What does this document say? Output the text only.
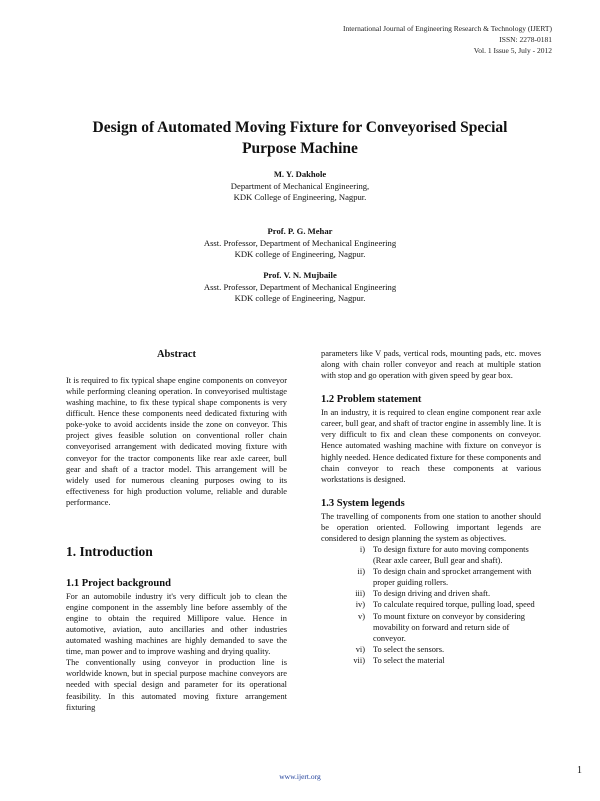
International Journal of Engineering Research & Technology (IJERT)
ISSN: 2278-0181
Vol. 1 Issue 5, July - 2012
Design of Automated Moving Fixture for Conveyorised Special
Purpose Machine
M. Y. Dakhole
Department of Mechanical Engineering,
KDK College of Engineering, Nagpur.
Prof. P. G. Mehar
Asst. Professor, Department of Mechanical Engineering
KDK college of Engineering, Nagpur.
Prof. V. N. Mujbaile
Asst. Professor, Department of Mechanical Engineering
KDK college of Engineering, Nagpur.
Abstract

It is required to fix typical shape engine components on conveyor while performing cleaning operation. In conveyorised multistage washing machine, to fix these typical shape components is very difficult. Hence these components need dedicated fixturing with poke-yoke to avoid accidents inside the zone on conveyor. This project gives feasible solution on conventional roller chain conveyorised arrangement with dedicated moving fixture with conveyor for the tractor components like rear axle career, bull gear and shaft of a tractor model. This arrangement will be widely used for numerous cleaning purposes owing to its effectiveness for high production volume, reliable and durable performance.

1. Introduction
1.1 Project background

For an automobile industry it's very difficult job to clean the engine component in the assembly line before assembly of the engine to obtain the required Millipore value. Hence in automotive, aviation, auto ancillaries and other industries automated washing machines are highly demanded to save the time, man power and to improve washing and drying quality.

The conventionally using conveyor in production line is worldwide known, but in special purpose machine conveyors are needed with special design and parameter for its operational feasibility. In this automated moving fixture arrangement fixturing

parameters like V pads, vertical rods, mounting pads, etc. moves along with chain roller conveyor and reach at multiple station with stop and go operation with given speed by gear box.

1.2 Problem statement

In an industry, it is required to clean engine component rear axle career, bull gear, and shaft of tractor engine in assembly line. It is very difficult to fix and clean these components on conveyor. Hence automated washing machine with fixture on conveyor is highly needed. Hence dedicated fixture for these components and chain conveyor to reach these components at various workstations is designed.

1.3 System legends

The travelling of components from one station to another should be operation oriented. Following important legends are considered to design planning the system as objectives.

i) To design fixture for auto moving components (Rear axle career, Bull gear and shaft).
ii) To design chain and sprocket arrangement with proper guiding rollers.
iii) To design driving and driven shaft.
iv) To calculate required torque, pulling load, speed
v) To mount fixture on conveyor by considering movability on forward and return side of conveyor.
vi) To select the sensors.
vii) To select the material
www.ijert.org
1
